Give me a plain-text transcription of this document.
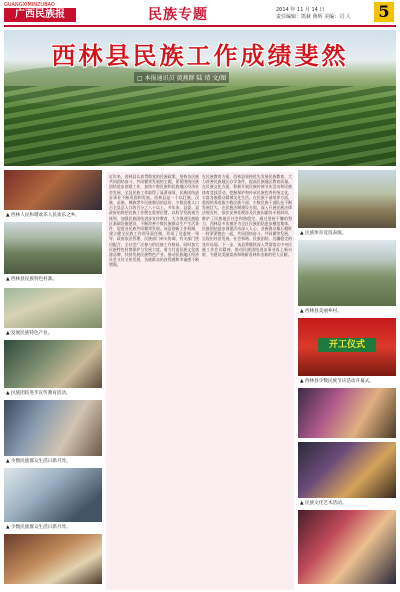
GUANGXIMINZUBAO
广西民族报	民族专题	2014 年 11 月 14 日
责任编辑：凯萩 蒋辉 美编：司 人 5
西林县民族工作成绩斐然
□ 本报通讯员 黄燕群 陆 靖 文/图
▲ 西林人民和谐欢乐人民欢乐之乡。
▲ 西林县民族特色村寨。
▲ 发展民族特色产业。
▲ 民族团结进步宣传教育活动。
▲ 少数民族群众生活日新月异。
▲ 少数民族群众生活日新月异。
近年来，西林县认真贯彻党的民族政策，坚持各民族共同团结奋斗、共同繁荣发展的主题，紧紧围绕民族团结进步创建工作，加快少数民族和民族地区经济社会发展，全县民族工作取得了显著成绩，民族团结进步事业不断巩固和发展。西林县是一个以壮族、汉族、苗族、彝族等多民族聚居的县份，少数民族人口占全县总人口的百分之八十以上。多年来，县委、县政府始终把民族工作摆在重要位置，以科学发展观为统领，加强民族团结进步宣传教育，大力推进民族地区基础设施建设，不断改善少数民族群众生产生活条件，促进各民族共同繁荣发展。该县创新工作机制，建立健全民族工作领导责任制，形成了党委统一领导、政府依法管理、民族部门牵头协调、有关部门密切配合、全社会广泛参与的民族工作格局。同时加大民族特色村寨保护与发展力度，着力打造民族文化旅游品牌，扶持发展民族特色产业，推动民族地区经济社会又好又快发展，各族群众的获得感和幸福感不断增强。
在民族教育方面，西林县坚持优先发展民族教育，大力改善民族地区办学条件，提高民族地区教育质量。在民族文化方面，积极开展民族传统节庆活动和民族体育竞技活动，挖掘保护和传承民族优秀传统文化，丰富各族群众精神文化生活。在民族干部培养方面，重视培养选拔少数民族干部，少数民族干部队伍不断发展壮大。在民族法制建设方面，深入开展民族法律法规宣传，依法妥善处理涉及民族因素的矛盾纠纷，维护了民族地区社会和谐稳定。通过坚持不懈的努力，西林县多次被评为全区民族团结进步模范集体，民族团结进步创建活动深入人心，各族群众像石榴籽一样紧紧抱在一起，共同团结奋斗、共同繁荣发展，呈现出经济发展、社会和谐、民族团结、边疆稳定的良好局面。下一步，该县将继续深入贯彻落实中央民族工作会议精神，推动民族团结进步事业再上新台阶，为建设美丽富裕和谐新西林作出新的更大贡献。
▲ 民族体育竞技表演。
▲ 西林县美丽乡村。
开工仪式
▲ 西林县少数民族节庆活动开幕式。
▲ 民族文化艺术活动。
